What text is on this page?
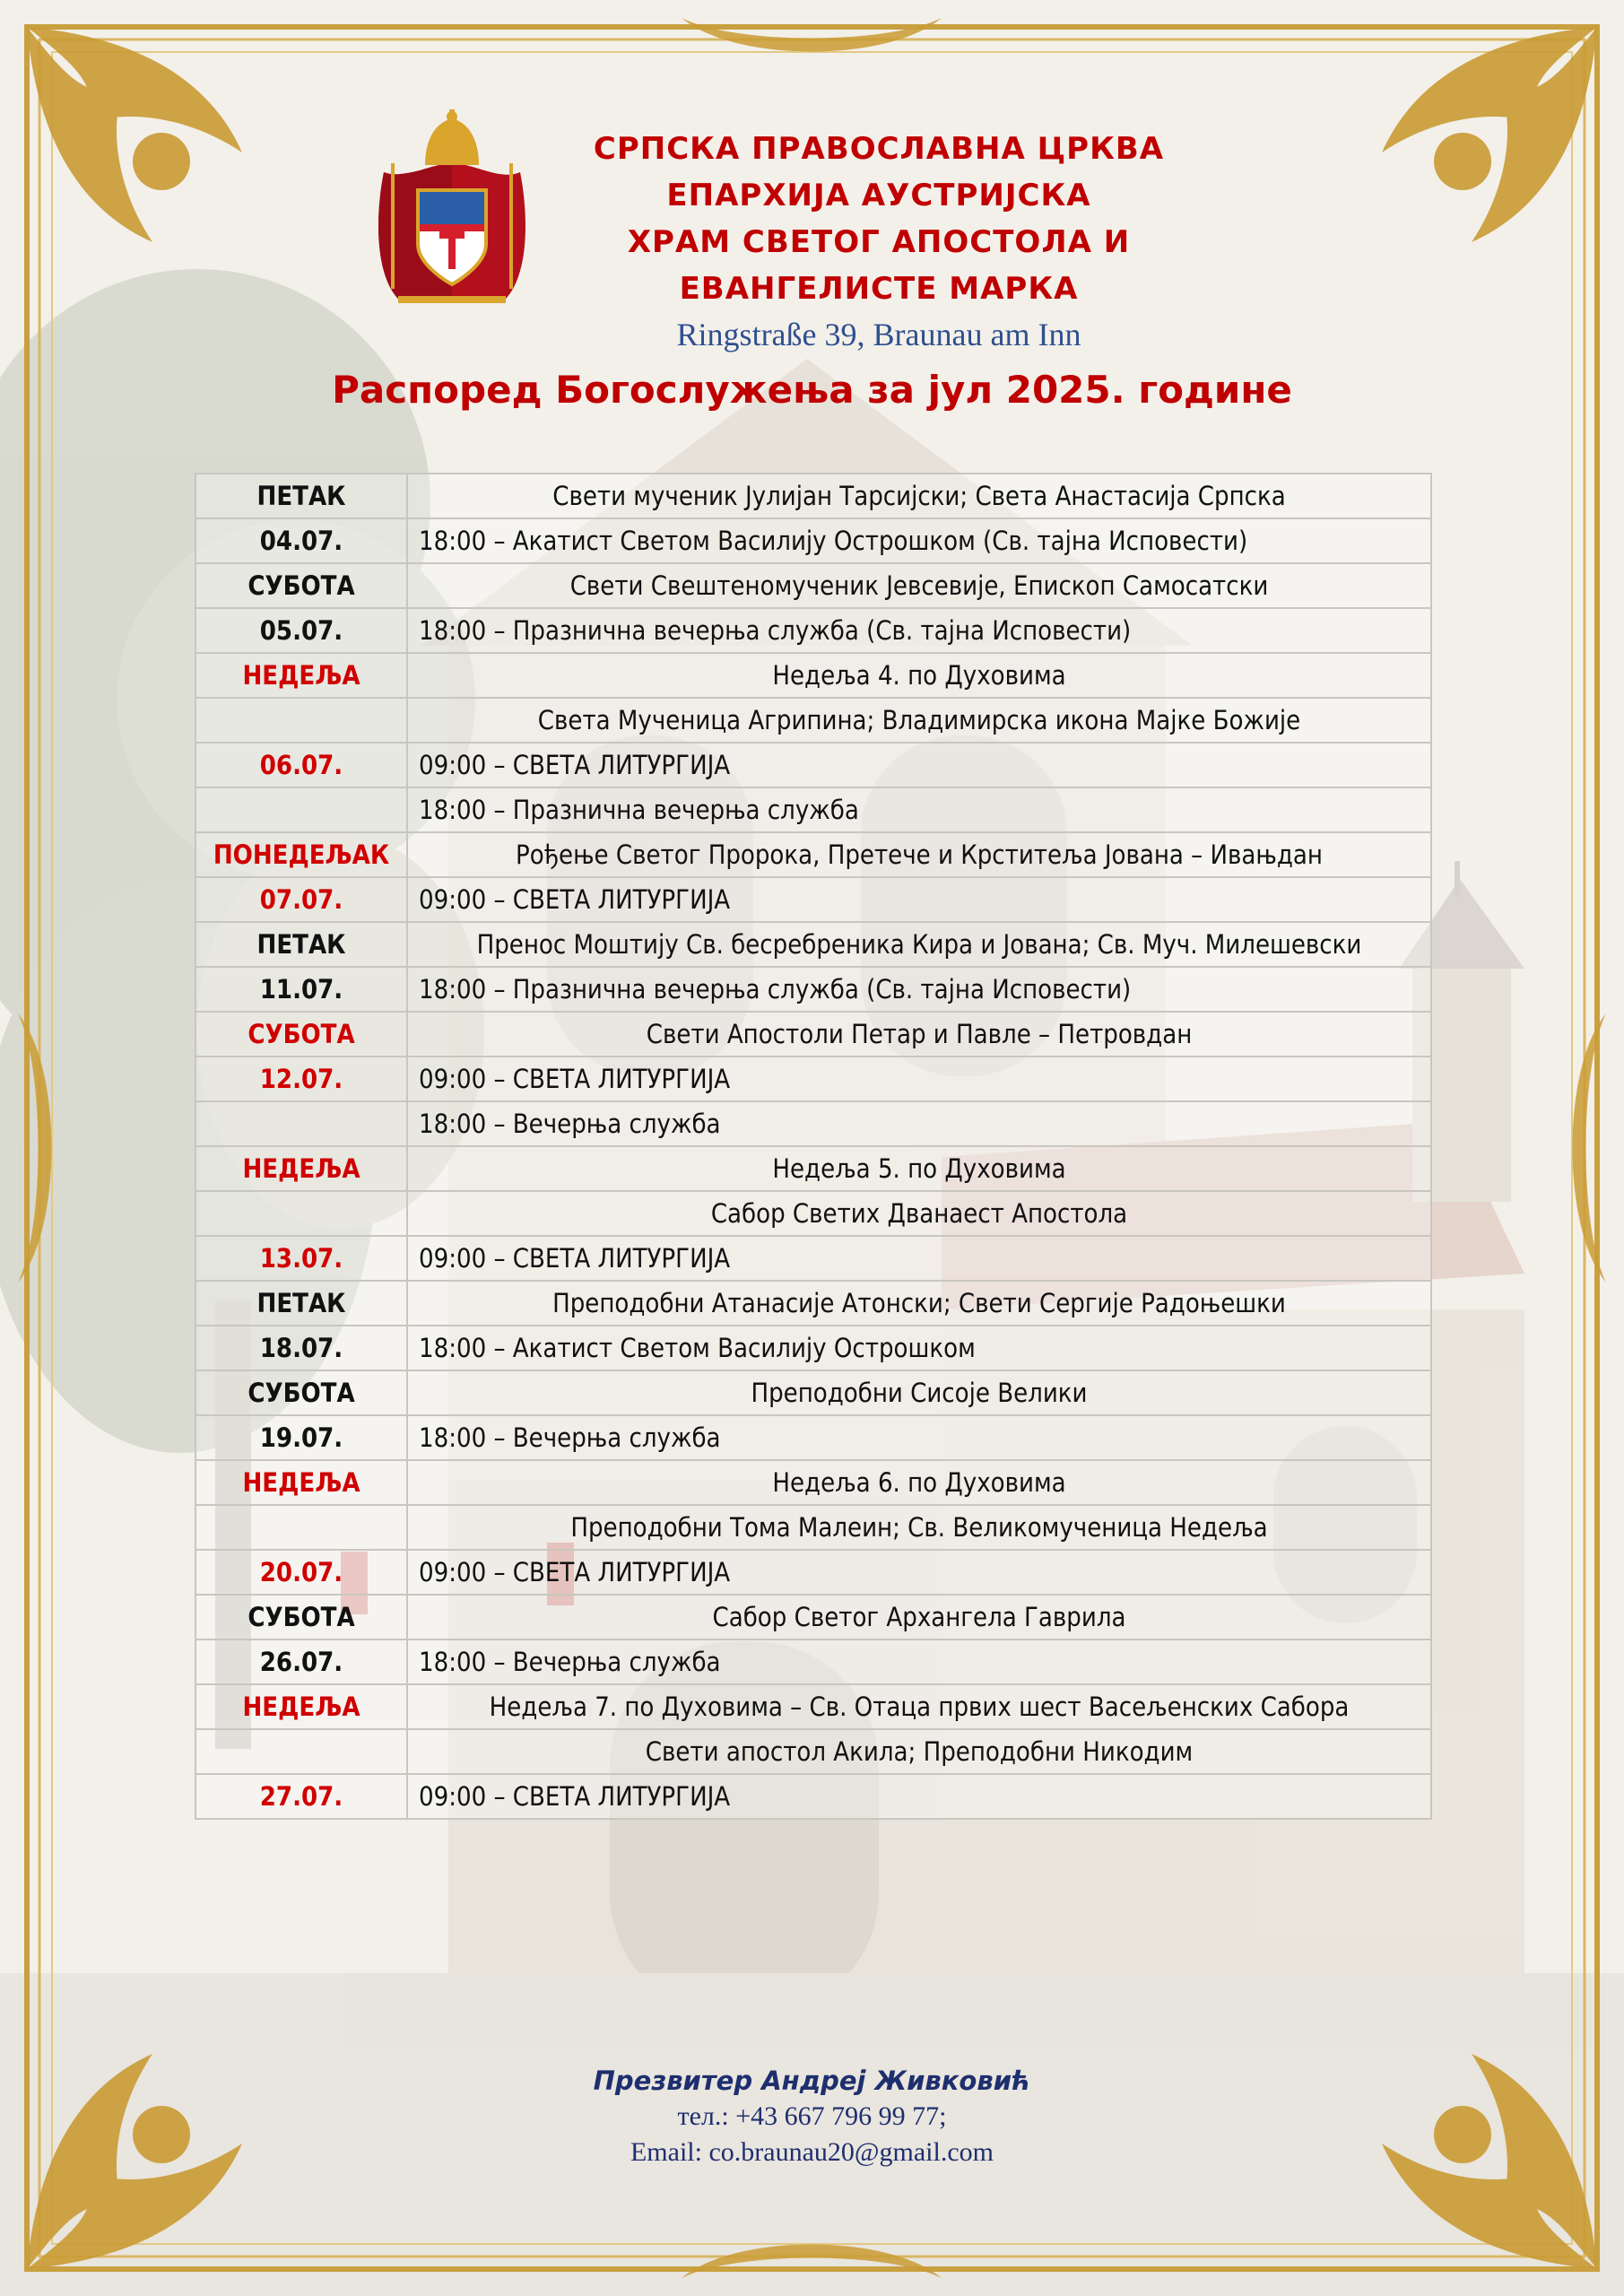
СРПСКА ПРАВОСЛАВНА ЦРКВА
ЕПАРХИЈА АУСТРИЈСКА
ХРАМ СВЕТОГ АПОСТОЛА И ЕВАНГЕЛИСТЕ МАРКА
Ringstraße 39, Braunau am Inn
Распоред Богослужења за јул 2025. године
ПЕТАК	Свети мученик Јулијан Тарсијски; Света Анастасија Српска
04.07.	18:00 – Акатист Светом Василију Острошком (Св. тајна Исповести)
СУБОТА	Свети Свештеномученик Јевсевије, Епископ Самосатски
05.07.	18:00 – Празнична вечерња служба (Св. тајна Исповести)
НЕДЕЉА	Недеља 4. по Духовима
	Света Мученица Агрипина; Владимирска икона Мајке Божије
06.07.	09:00 – СВЕТА ЛИТУРГИЈА
	18:00 – Празнична вечерња служба
ПОНЕДЕЉАК	Рођење Светог Пророка, Претече и Крститеља Јована – Ивањдан
07.07.	09:00 – СВЕТА ЛИТУРГИЈА
ПЕТАК	Пренос Моштију Св. бесребреника Кира и Јована; Св. Муч. Милешевски
11.07.	18:00 – Празнична вечерња служба (Св. тајна Исповести)
СУБОТА	Свети Апостоли Петар и Павле – Петровдан
12.07.	09:00 – СВЕТА ЛИТУРГИЈА
	18:00 – Вечерња служба
НЕДЕЉА	Недеља 5. по Духовима
	Сабор Светих Дванаест Апостола
13.07.	09:00 – СВЕТА ЛИТУРГИЈА
ПЕТАК	Преподобни Атанасије Атонски; Свети Сергије Радоњешки
18.07.	18:00 – Акатист Светом Василију Острошком
СУБОТА	Преподобни Сисоје Велики
19.07.	18:00 – Вечерња служба
НЕДЕЉА	Недеља 6. по Духовима
	Преподобни Тома Малеин; Св. Великомученица Недеља
20.07.	09:00 – СВЕТА ЛИТУРГИЈА
СУБОТА	Сабор Светог Архангела Гаврила
26.07.	18:00 – Вечерња служба
НЕДЕЉА	Недеља 7. по Духовима – Св. Отаца првих шест Васељенских Сабора
	Свети апостол Акила; Преподобни Никодим
27.07.	09:00 – СВЕТА ЛИТУРГИЈА
Презвитер Андреј Живковић
тел.: +43 667 796 99 77;
Email: co.braunau20@gmail.com
